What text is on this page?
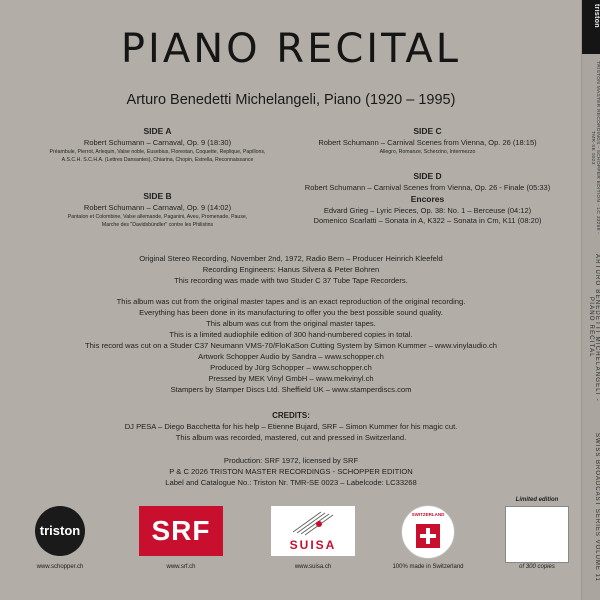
PIANO RECITAL
Arturo Benedetti Michelangeli, Piano (1920 – 1995)
SIDE A
Robert Schumann – Carnaval, Op. 9 (18:30)
Préambule, Pierrot, Arlequin, Valse noble, Eusebius, Florestan, Coquette, Replique, Papillons,
A.S.C.H. S.C.H.A. (Lettres Dansantes), Chiarina, Chopin, Estrella, Reconnaissance
SIDE B
Robert Schumann – Carnaval, Op. 9 (14:02)
Pantalon et Colombine, Valse allemande, Paganini, Aveu, Promenade, Pause,
Marche des "Davidsbündler" contre les Philistins
SIDE C
Robert Schumann – Carnival Scenes from Vienna, Op. 26 (18:15)
Allegro, Romanze, Scherzino, Intermezzo
SIDE D
Robert Schumann – Carnival Scenes from Vienna, Op. 26 - Finale (05:33)
Encores
Edvard Grieg – Lyric Pieces, Op. 38: No. 1 – Berceuse (04:12)
Domenico Scarlatti – Sonata in A, K322 – Sonata in Cm, K11 (08:20)
Original Stereo Recording, November 2nd, 1972, Radio Bern – Producer Heinrich Kleefeld
Recording Engineers: Hanus Silvera & Peter Bohren
This recording was made with two Studer C 37 Tube Tape Recorders.
This album was cut from the original master tapes and is an exact reproduction of the original recording.
Everything has been done in its manufacturing to offer you the best possible sound quality.
This album was cut from the original master tapes.
This is a limited audiophile edition of 300 hand-numbered copies in total.
This record was cut on a Studer C37 Neumann VMS-70/FloKaSon Cutting System by Simon Kummer – www.vinylaudio.ch
Artwork Schopper Audio by Sandra – www.schopper.ch
Produced by Jürg Schopper – www.schopper.ch
Pressed by MEK Vinyl GmbH – www.mekvinyl.ch
Stampers by Stamper Discs Ltd. Sheffield UK – www.stamperdiscs.com
CREDITS:
DJ PESA – Diego Bacchetta for his help – Etienne Bujard, SRF – Simon Kummer for his magic cut.
This album was recorded, mastered, cut and pressed in Switzerland.
Production: SRF 1972, licensed by SRF
P & C 2026 TRISTON MASTER RECORDINGS - SCHOPPER EDITION
Label and Catalogue No.: Triston Nr. TMR-SE 0023 – Labelcode: LC33268
triston
www.schopper.ch
SRF
www.srf.ch
SUISA
www.suisa.ch
SWITZERLAND
100% made in Switzerland
Limited edition
of 300 copies
triston
TRISTON MASTER RECORDINGS - SCHOPPER EDITION - LC 33268 - TMR-SE 0023
ARTURO BENEDETTI MICHELANGELI - PIANO RECITAL
SWISS BROADCAST SERIES VOLUME 11
